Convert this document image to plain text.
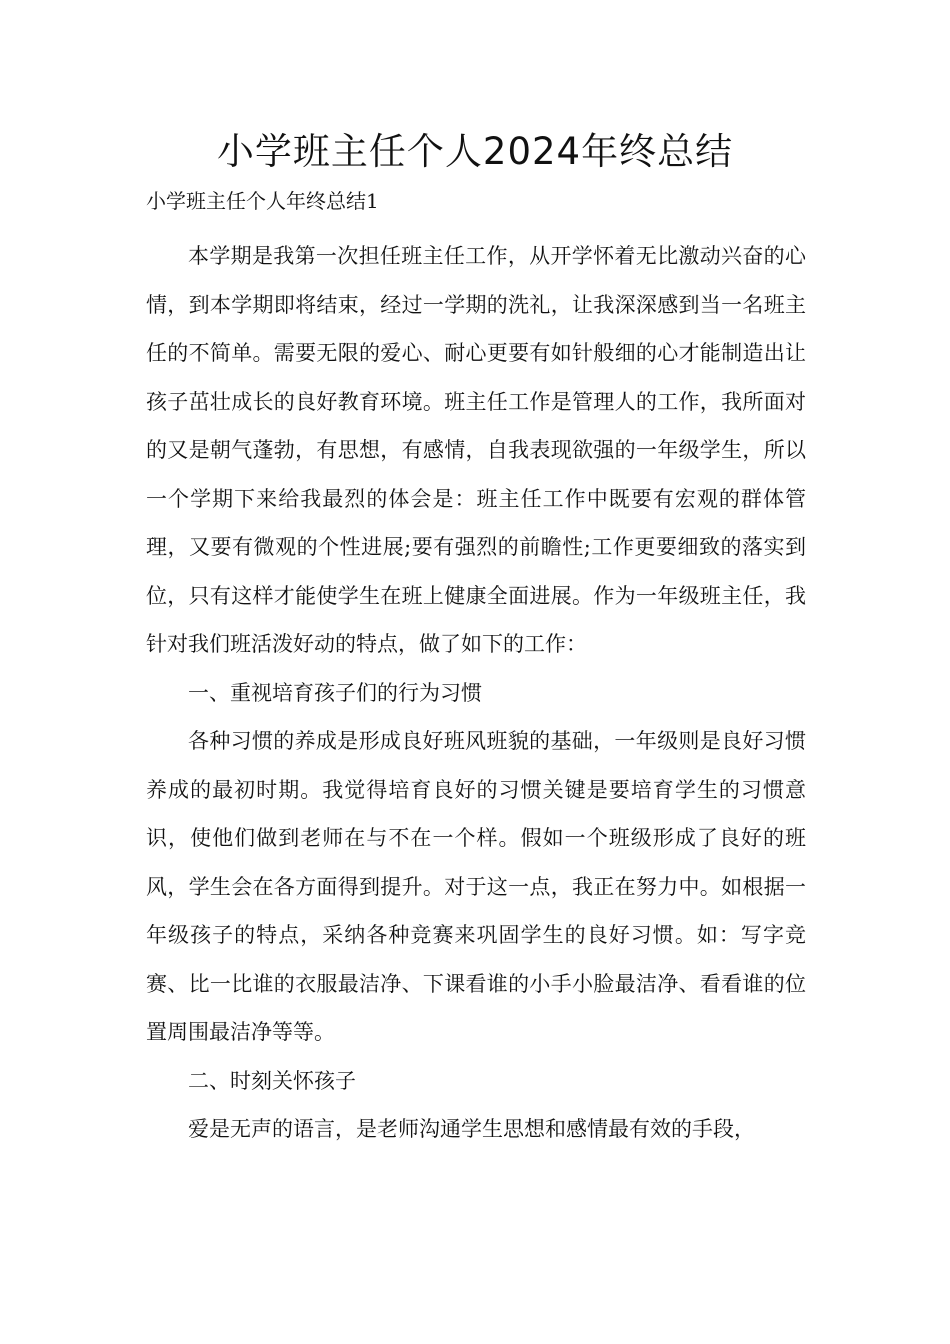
小学班主任个人2024年终总结

小学班主任个人年终总结1

本学期是我第一次担任班主任工作，从开学怀着无比激动兴奋的心情，到本学期即将结束，经过一学期的洗礼，让我深深感到当一名班主任的不简单。需要无限的爱心、耐心更要有如针般细的心才能制造出让孩子茁壮成长的良好教育环境。班主任工作是管理人的工作，我所面对的又是朝气蓬勃，有思想，有感情，自我表现欲强的一年级学生，所以一个学期下来给我最烈的体会是：班主任工作中既要有宏观的群体管理，又要有微观的个性进展;要有强烈的前瞻性;工作更要细致的落实到位，只有这样才能使学生在班上健康全面进展。作为一年级班主任，我针对我们班活泼好动的特点，做了如下的工作：

一、重视培育孩子们的行为习惯

各种习惯的养成是形成良好班风班貌的基础，一年级则是良好习惯养成的最初时期。我觉得培育良好的习惯关键是要培育学生的习惯意识，使他们做到老师在与不在一个样。假如一个班级形成了良好的班风，学生会在各方面得到提升。对于这一点，我正在努力中。如根据一年级孩子的特点，采纳各种竞赛来巩固学生的良好习惯。如：写字竞赛、比一比谁的衣服最洁净、下课看谁的小手小脸最洁净、看看谁的位置周围最洁净等等。

二、时刻关怀孩子

爱是无声的语言，是老师沟通学生思想和感情最有效的手段，
